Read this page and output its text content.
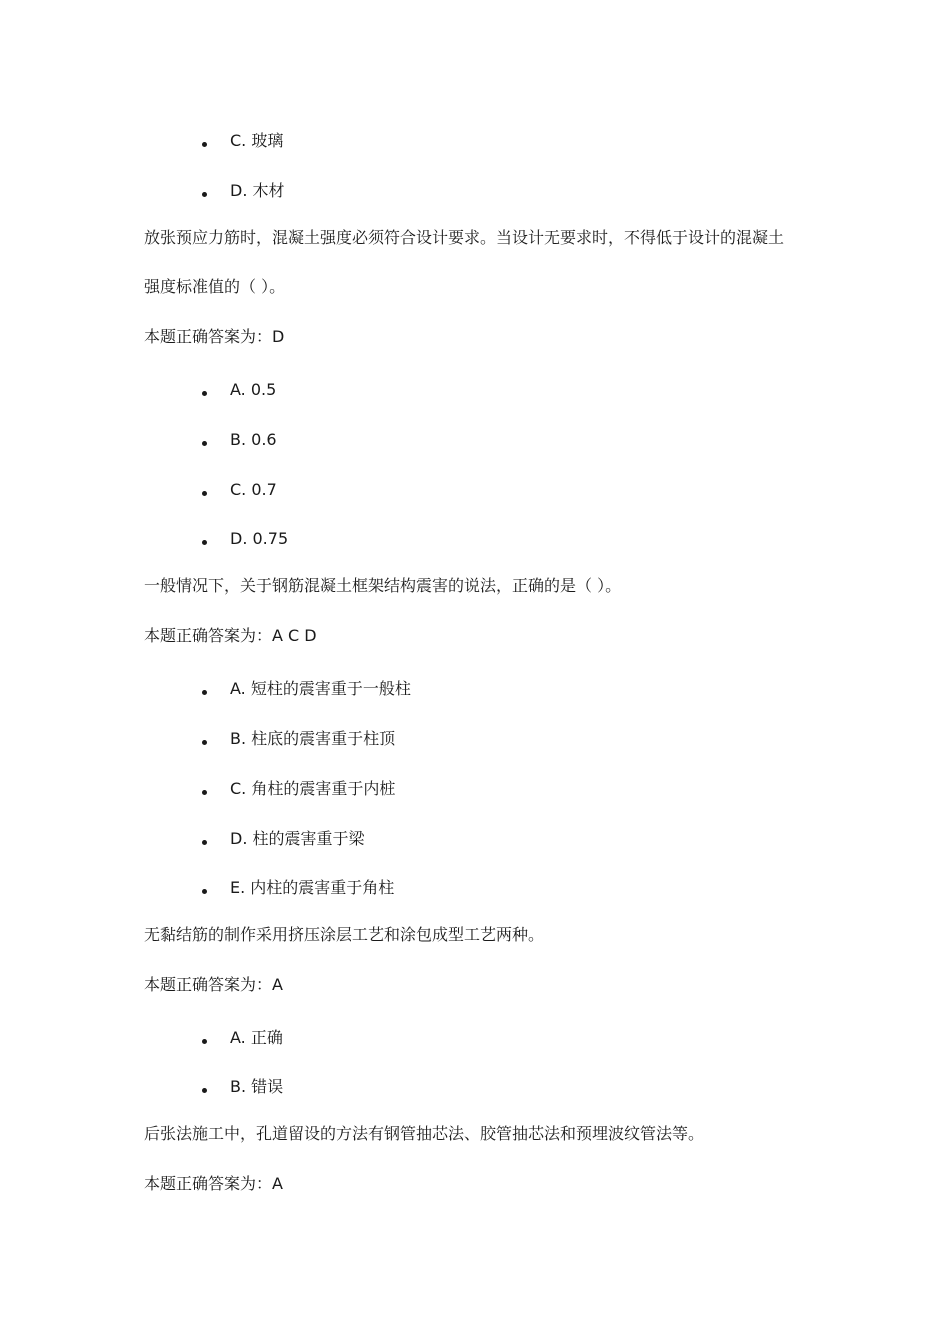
C. 玻璃
D. 木材
放张预应力筋时，混凝土强度必须符合设计要求。当设计无要求时，不得低于设计的混凝土
强度标准值的（ ）。
本题正确答案为：D
A. 0.5
B. 0.6
C. 0.7
D. 0.75
一般情况下，关于钢筋混凝土框架结构震害的说法，正确的是（ ）。
本题正确答案为：A C D
A. 短柱的震害重于一般柱
B. 柱底的震害重于柱顶
C. 角柱的震害重于内桩
D. 柱的震害重于梁
E. 内柱的震害重于角柱
无黏结筋的制作采用挤压涂层工艺和涂包成型工艺两种。
本题正确答案为：A
A. 正确
B. 错误
后张法施工中，孔道留设的方法有钢管抽芯法、胶管抽芯法和预埋波纹管法等。
本题正确答案为：A
